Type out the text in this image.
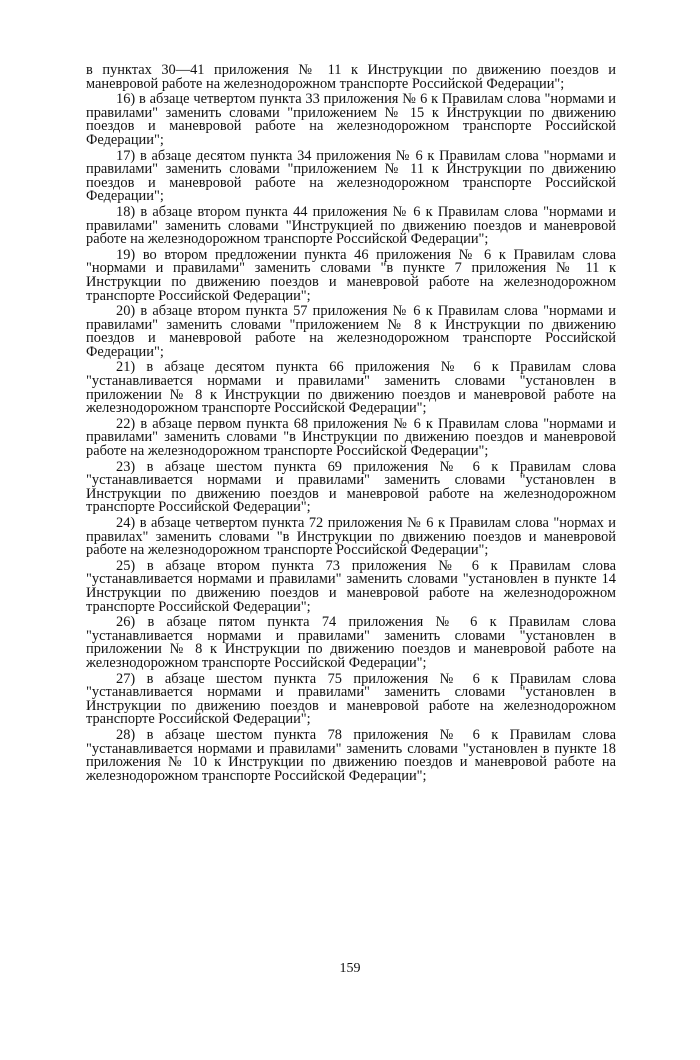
в пунктах 30—41 приложения № 11 к Инструкции по движению поездов и маневровой работе на железнодорожном транспорте Российской Федерации";

16) в абзаце четвертом пункта 33 приложения № 6 к Правилам слова "нормами и правилами" заменить словами "приложением № 15 к Инструкции по движению поездов и маневровой работе на железнодорожном транспорте Российской Федерации";

17) в абзаце десятом пункта 34 приложения № 6 к Правилам слова "нормами и правилами" заменить словами "приложением № 11 к Инструкции по движению поездов и маневровой работе на железнодорожном транспорте Российской Федерации";

18) в абзаце втором пункта 44 приложения № 6 к Правилам слова "нормами и правилами" заменить словами "Инструкцией по движению поездов и маневровой работе на железнодорожном транспорте Российской Федерации";

19) во втором предложении пункта 46 приложения № 6 к Правилам слова "нормами и правилами" заменить словами "в пункте 7 приложения № 11 к Инструкции по движению поездов и маневровой работе на железнодорожном транспорте Российской Федерации";

20) в абзаце втором пункта 57 приложения № 6 к Правилам слова "нормами и правилами" заменить словами "приложением № 8 к Инструкции по движению поездов и маневровой работе на железнодорожном транспорте Российской Федерации";

21) в абзаце десятом пункта 66 приложения № 6 к Правилам слова "устанавливается нормами и правилами" заменить словами "установлен в приложении № 8 к Инструкции по движению поездов и маневровой работе на железнодорожном транспорте Российской Федерации";

22) в абзаце первом пункта 68 приложения № 6 к Правилам слова "нормами и правилами" заменить словами "в Инструкции по движению поездов и маневровой работе на железнодорожном транспорте Российской Федерации";

23) в абзаце шестом пункта 69 приложения № 6 к Правилам слова "устанавливается нормами и правилами" заменить словами "установлен в Инструкции по движению поездов и маневровой работе на железнодорожном транспорте Российской Федерации";

24) в абзаце четвертом пункта 72 приложения № 6 к Правилам слова "нормах и правилах" заменить словами "в Инструкции по движению поездов и маневровой работе на железнодорожном транспорте Российской Федерации";

25) в абзаце втором пункта 73 приложения № 6 к Правилам слова "устанавливается нормами и правилами" заменить словами "установлен в пункте 14 Инструкции по движению поездов и маневровой работе на железнодорожном транспорте Российской Федерации";

26) в абзаце пятом пункта 74 приложения № 6 к Правилам слова "устанавливается нормами и правилами" заменить словами "установлен в приложении № 8 к Инструкции по движению поездов и маневровой работе на железнодорожном транспорте Российской Федерации";

27) в абзаце шестом пункта 75 приложения № 6 к Правилам слова "устанавливается нормами и правилами" заменить словами "установлен в Инструкции по движению поездов и маневровой работе на железнодорожном транспорте Российской Федерации";

28) в абзаце шестом пункта 78 приложения № 6 к Правилам слова "устанавливается нормами и правилами" заменить словами "установлен в пункте 18 приложения № 10 к Инструкции по движению поездов и маневровой работе на железнодорожном транспорте Российской Федерации";

159
